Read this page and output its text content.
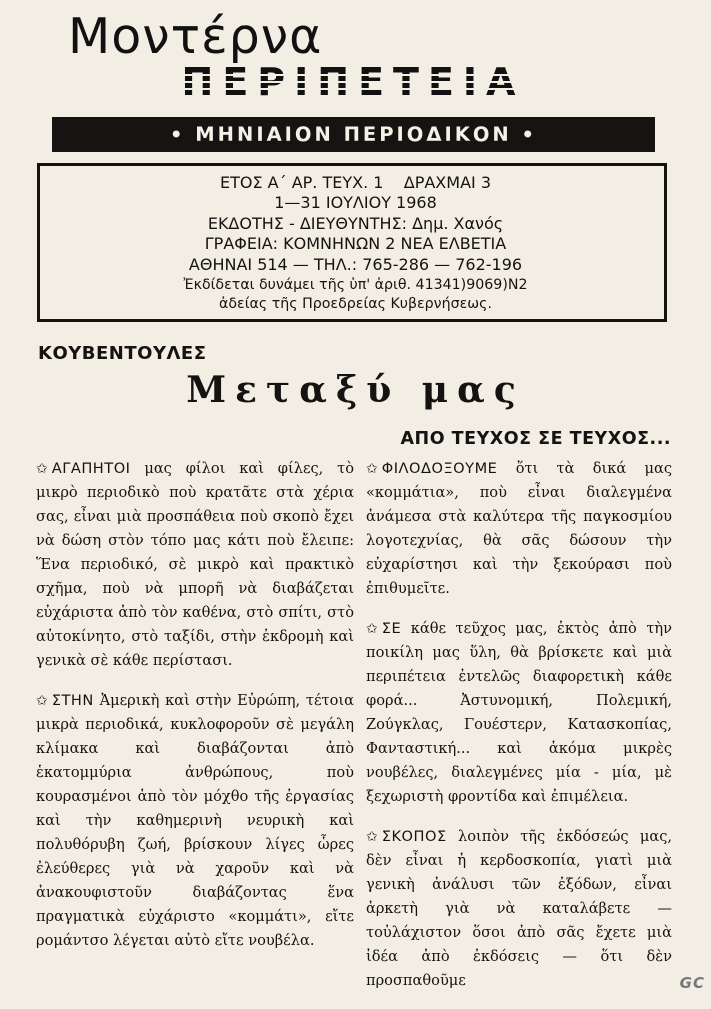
Μοντέρνα
• ΜΗΝΙΑΙΟΝ ΠΕΡΙΟΔΙΚΟΝ •
ΕΤΟΣ Α΄ ΑΡ. ΤΕΥΧ. 1    ΔΡΑΧΜΑΙ 3
1—31 ΙΟΥΛΙΟΥ 1968
ΕΚΔΟΤΗΣ - ΔΙΕΥΘΥΝΤΗΣ: Δημ. Χανός
ΓΡΑΦΕΙΑ: ΚΟΜΝΗΝΩΝ 2 ΝΕΑ ΕΛΒΕΤΙΑ
ΑΘΗΝΑΙ 514 — ΤΗΛ.: 765-286 — 762-196
Ἐκδίδεται δυνάμει τῆς ὑπ' ἀριθ. 41341)9069)Ν2
ἀδείας τῆς Προεδρείας Κυβερνήσεως.
ΚΟΥΒΕΝΤΟΥΛΕΣ
Μεταξύ μας
ΑΠΟ ΤΕΥΧΟΣ ΣΕ ΤΕΥΧΟΣ...

✩ ΑΓΑΠΗΤΟΙ μας φίλοι καὶ φίλες, τὸ μικρὸ περιοδικὸ ποὺ κρατᾶτε στὰ χέρια σας, εἶναι μιὰ προσπάθεια ποὺ σκοπὸ ἔχει νὰ δώση στὸν τόπο μας κάτι ποὺ ἔλειπε: Ἕνα περιοδικό, σὲ μικρὸ καὶ πρακτικὸ σχῆμα, ποὺ νὰ μπορῆ νὰ διαβάζεται εὐχάριστα ἀπὸ τὸν καθένα, στὸ σπίτι, στὸ αὐτοκίνητο, στὸ ταξίδι, στὴν ἐκδρομὴ καὶ γενικὰ σὲ κάθε περίστασι.

✩ ΣΤΗΝ Ἀμερικὴ καὶ στὴν Εὐρώπη, τέτοια μικρὰ περιοδικά, κυκλοφοροῦν σὲ μεγάλη κλίμακα καὶ διαβάζονται ἀπὸ ἑκατομμύρια ἀνθρώπους, ποὺ κουρασμένοι ἀπὸ τὸν μόχθο τῆς ἐργασίας καὶ τὴν καθημερινὴ νευρικὴ καὶ πολυθόρυβη ζωή, βρίσκουν λίγες ὧρες ἐλεύθερες γιὰ νὰ χαροῦν καὶ νὰ ἀνακουφιστοῦν διαβάζοντας ἕνα πραγματικὰ εὐχάριστο «κομμάτι», εἴτε ρομάντσο λέγεται αὐτὸ εἴτε νουβέλα.

✩ ΦΙΛΟΔΟΞΟΥΜΕ ὅτι τὰ δικά μας «κομμάτια», ποὺ εἶναι διαλεγμένα ἀνάμεσα στὰ καλύτερα τῆς παγκοσμίου λογοτεχνίας, θὰ σᾶς δώσουν τὴν εὐχαρίστησι καὶ τὴν ξεκούρασι ποὺ ἐπιθυμεῖτε.

✩ ΣΕ κάθε τεῦχος μας, ἐκτὸς ἀπὸ τὴν ποικίλη μας ὕλη, θὰ βρίσκετε καὶ μιὰ περιπέτεια ἐντελῶς διαφορετικὴ κάθε φορά... Ἀστυνομική, Πολεμική, Ζούγκλας, Γουέστερν, Κατασκοπίας, Φανταστική... καὶ ἀκόμα μικρὲς νουβέλες, διαλεγμένες μία - μία, μὲ ξεχωριστὴ φροντίδα καὶ ἐπιμέλεια.

✩ ΣΚΟΠΟΣ λοιπὸν τῆς ἐκδόσεώς μας, δὲν εἶναι ἡ κερδοσκοπία, γιατὶ μιὰ γενικὴ ἀνάλυσι τῶν ἐξόδων, εἶναι ἀρκετὴ γιὰ νὰ καταλάβετε — τοὐλάχιστον ὅσοι ἀπὸ σᾶς ἔχετε μιὰ ἰδέα ἀπὸ ἐκδόσεις — ὅτι δὲν προσπαθοῦμε	GC
